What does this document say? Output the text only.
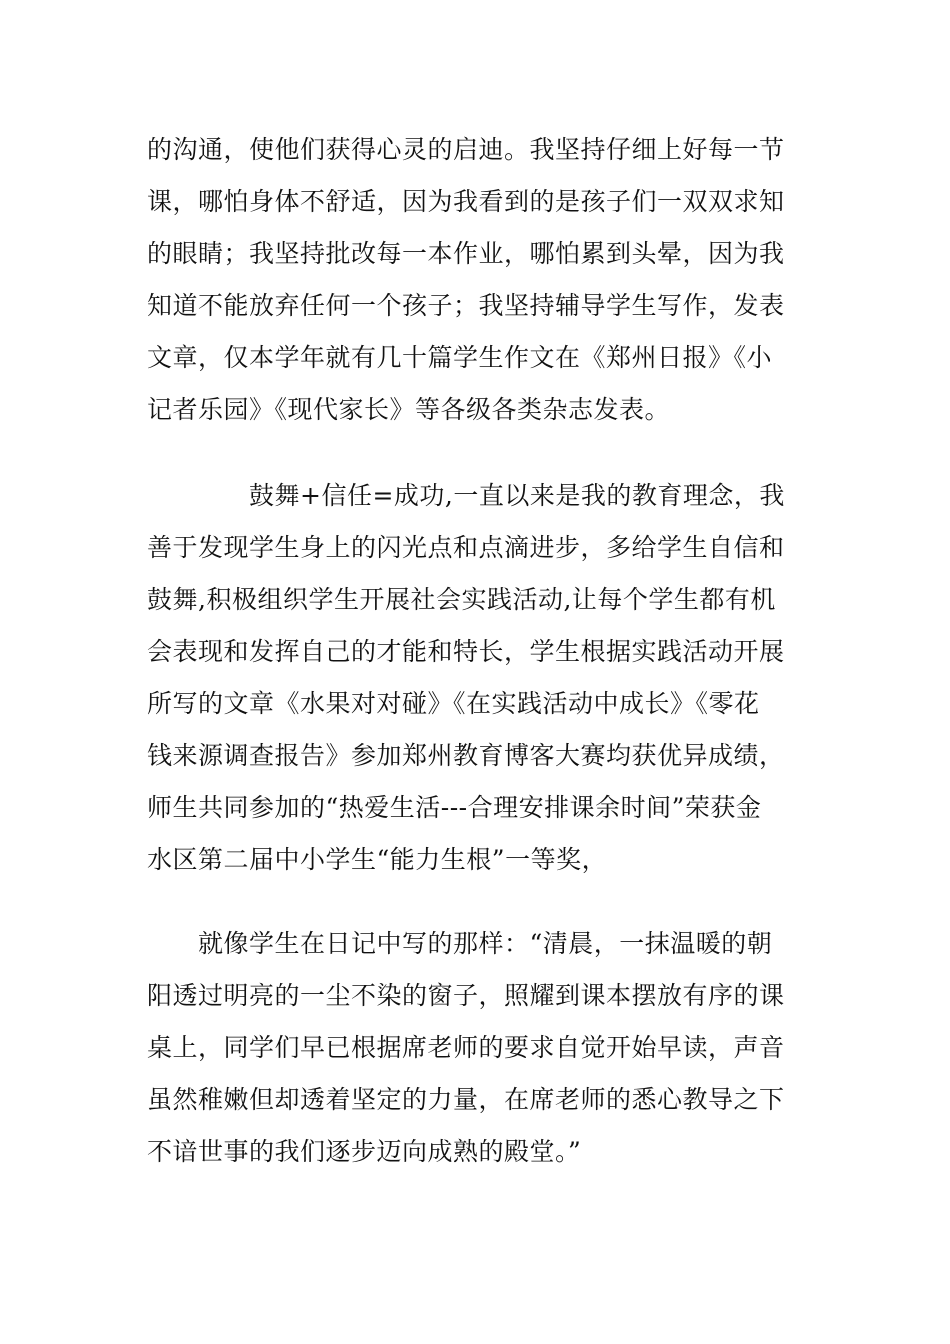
的沟通，使他们获得心灵的启迪。我坚持仔细上好每一节
课，哪怕身体不舒适，因为我看到的是孩子们一双双求知
的眼睛；我坚持批改每一本作业，哪怕累到头晕，因为我
知道不能放弃任何一个孩子；我坚持辅导学生写作，发表
文章，仅本学年就有几十篇学生作文在《郑州日报》《小
记者乐园》《现代家长》等各级各类杂志发表。
　　　　鼓舞+信任=成功,一直以来是我的教育理念，我
善于发现学生身上的闪光点和点滴进步，多给学生自信和
鼓舞,积极组织学生开展社会实践活动,让每个学生都有机
会表现和发挥自己的才能和特长，学生根据实践活动开展
所写的文章《水果对对碰》《在实践活动中成长》《零花
钱来源调查报告》参加郑州教育博客大赛均获优异成绩，
师生共同参加的“热爱生活---合理安排课余时间”荣获金
水区第二届中小学生“能力生根”一等奖，
　　就像学生在日记中写的那样：“清晨，一抹温暖的朝
阳透过明亮的一尘不染的窗子，照耀到课本摆放有序的课
桌上，同学们早已根据席老师的要求自觉开始早读，声音
虽然稚嫩但却透着坚定的力量，在席老师的悉心教导之下
不谙世事的我们逐步迈向成熟的殿堂。”
